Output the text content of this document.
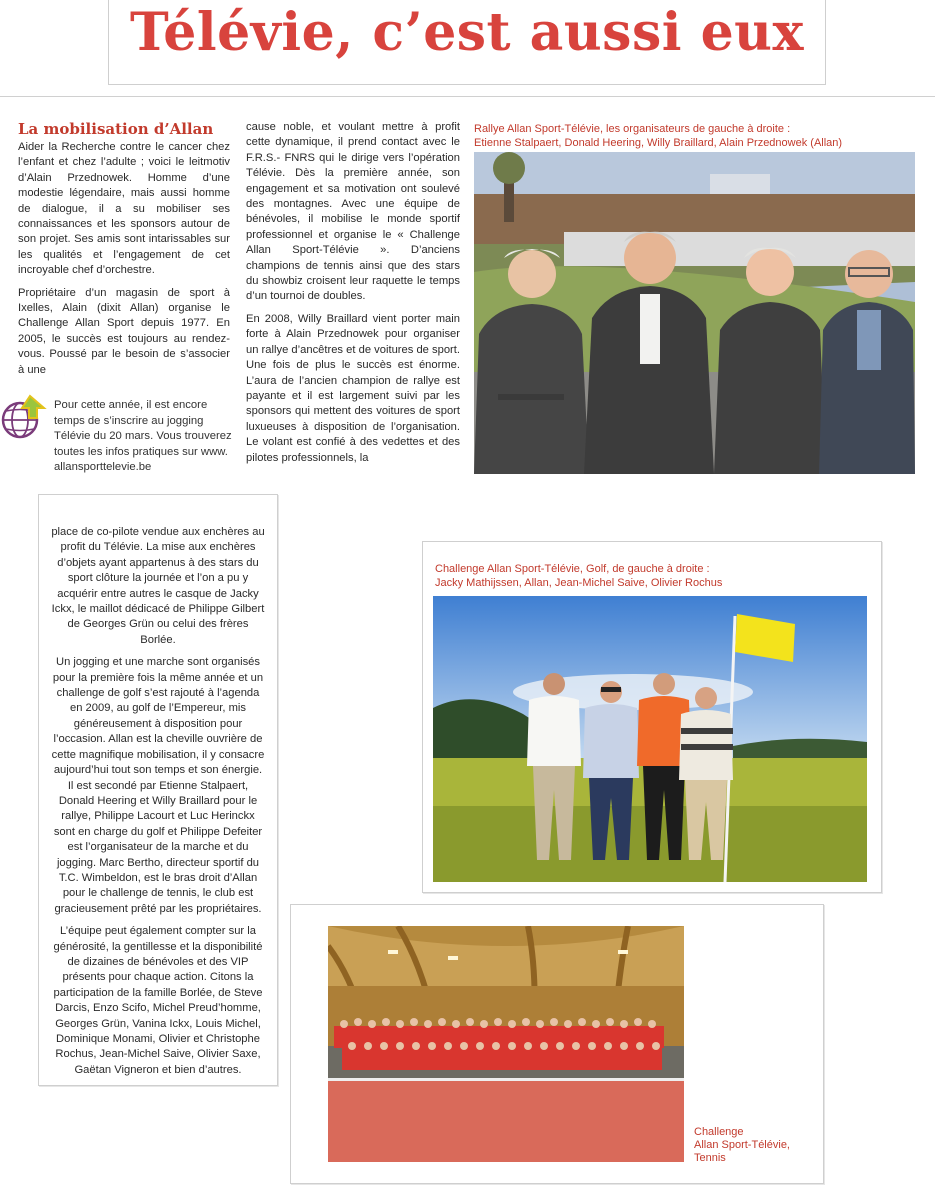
Télévie, c’est aussi eux
La mobilisation d’Allan

Aider la Recherche contre le cancer chez l’enfant et chez l’adulte ; voici le leitmotiv d’Alain Przednowek. Homme d’une modestie légendaire, mais aussi homme de dialogue, il a su mobiliser ses connaissances et les sponsors autour de son projet. Ses amis sont intarissables sur les qualités et l’engagement de cet incroyable chef d’orchestre.

Propriétaire d’un magasin de sport à Ixelles, Alain (dixit Allan) organise le Challenge Allan Sport depuis 1977. En 2005, le succès est toujours au rendez-vous. Poussé par le besoin de s’associer à une

Pour cette année, il est encore temps de s’inscrire au jogging Télévie du 20 mars. Vous trouverez toutes les infos pratiques sur www. allansporttelevie.be

cause noble, et voulant mettre à profit cette dynamique, il prend contact avec le F.R.S.- FNRS qui le dirige vers l’opération Télévie. Dès la première année, son engagement et sa motivation ont soulevé des montagnes. Avec une équipe de bénévoles, il mobilise le monde sportif professionnel et organise le « Challenge Allan Sport-Télévie ». D’anciens champions de tennis ainsi que des stars du showbiz croisent leur raquette le temps d’un tournoi de doubles.

En 2008, Willy Braillard vient porter main forte à Alain Przednowek pour organiser un rallye d’ancêtres et de voitures de sport. Une fois de plus le succès est énorme. L’aura de l’ancien champion de rallye est payante et il est largement suivi par les sponsors qui mettent des voitures de sport luxueuses à disposition de l’organisation. Le volant est confié à des vedettes et des pilotes professionnels, la

Rallye Allan Sport-Télévie, les organisateurs de gauche à droite :
Etienne Stalpaert, Donald Heering, Willy Braillard, Alain Przednowek (Allan)

place de co-pilote vendue aux enchères au profit du Télévie. La mise aux enchères d’objets ayant appartenus à des stars du sport clôture la journée et l’on a pu y acquérir entre autres le casque de Jacky Ickx, le maillot dédicacé de Philippe Gilbert de Georges Grün ou celui des frères Borlée.

Un jogging et une marche sont organisés pour la première fois la même année et un challenge de golf s’est rajouté à l’agenda en 2009, au golf de l’Empereur, mis généreusement à disposition pour l’occasion. Allan est la cheville ouvrière de cette magnifique mobilisation, il y consacre aujourd’hui tout son temps et son énergie. Il est secondé par Etienne Stalpaert, Donald Heering et Willy Braillard pour le rallye, Philippe Lacourt et Luc Herinckx sont en charge du golf et Philippe Defeiter est l’organisateur de la marche et du jogging. Marc Bertho, directeur sportif du T.C. Wimbeldon, est le bras droit d’Allan pour le challenge de tennis, le club est gracieusement prêté par les propriétaires.

L’équipe peut également compter sur la générosité, la gentillesse et la disponibilité de dizaines de bénévoles et des VIP présents pour chaque action. Citons la participation de la famille Borlée, de Steve Darcis, Enzo Scifo, Michel Preud’homme, Georges Grün, Vanina Ickx, Louis Michel, Dominique Monami, Olivier et Christophe Rochus, Jean-Michel Saive, Olivier Saxe, Gaëtan Vigneron et bien d’autres.

Challenge Allan Sport-Télévie, Golf, de gauche à droite :
Jacky Mathijssen, Allan, Jean-Michel Saive, Olivier Rochus
Challenge
Allan Sport-Télévie,
Tennis
